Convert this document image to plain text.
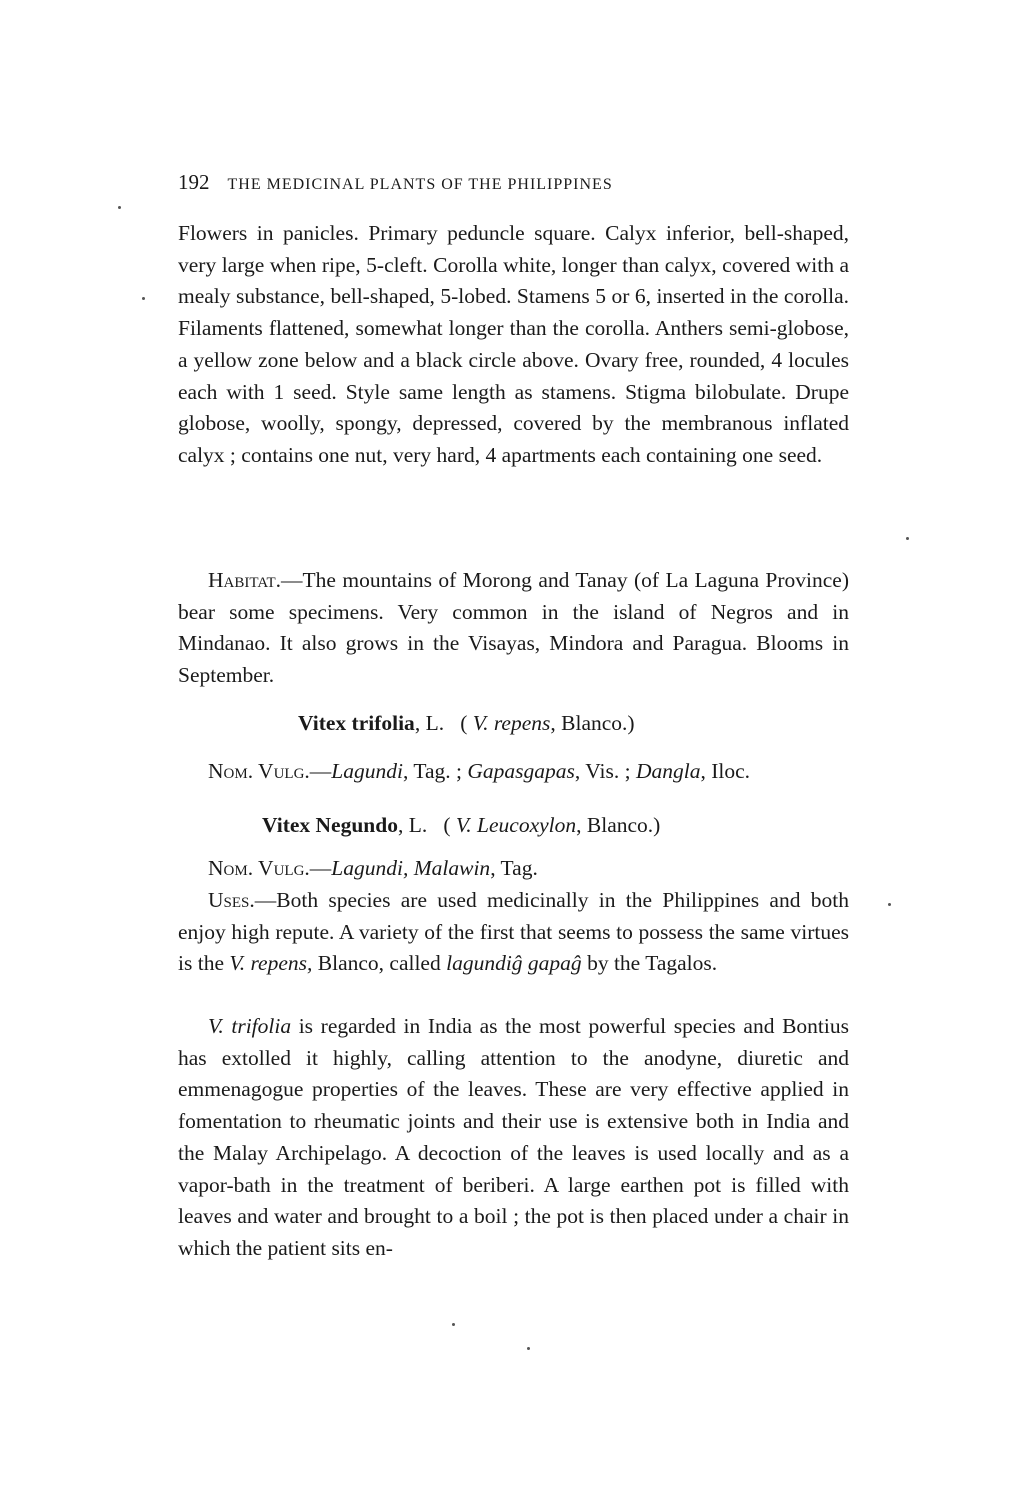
192 THE MEDICINAL PLANTS OF THE PHILIPPINES
Flowers in panicles. Primary peduncle square. Calyx inferior, bell-shaped, very large when ripe, 5-cleft. Corolla white, longer than calyx, covered with a mealy substance, bell-shaped, 5-lobed. Stamens 5 or 6, inserted in the corolla. Filaments flattened, somewhat longer than the corolla. Anthers semi-globose, a yellow zone below and a black circle above. Ovary free, rounded, 4 locules each with 1 seed. Style same length as stamens. Stigma bilobulate. Drupe globose, woolly, spongy, depressed, covered by the membranous inflated calyx ; contains one nut, very hard, 4 apartments each containing one seed.
Habitat.—The mountains of Morong and Tanay (of La Laguna Province) bear some specimens. Very common in the island of Negros and in Mindanao. It also grows in the Visayas, Mindora and Paragua. Blooms in September.
Vitex trifolia, L. ( V. repens, Blanco.)
Nom. Vulg.—Lagundi, Tag. ; Gapasgapas, Vis. ; Dangla, Iloc.
Vitex Negundo, L. ( V. Leucoxylon, Blanco.)
Nom. Vulg.—Lagundi, Malawin, Tag.
Uses.—Both species are used medicinally in the Philippines and both enjoy high repute. A variety of the first that seems to possess the same virtues is the V. repens, Blanco, called lagundiĝ gapaĝ by the Tagalos.
V. trifolia is regarded in India as the most powerful species and Bontius has extolled it highly, calling attention to the anodyne, diuretic and emmenagogue properties of the leaves. These are very effective applied in fomentation to rheumatic joints and their use is extensive both in India and the Malay Archipelago. A decoction of the leaves is used locally and as a vapor-bath in the treatment of beriberi. A large earthen pot is filled with leaves and water and brought to a boil ; the pot is then placed under a chair in which the patient sits en-
